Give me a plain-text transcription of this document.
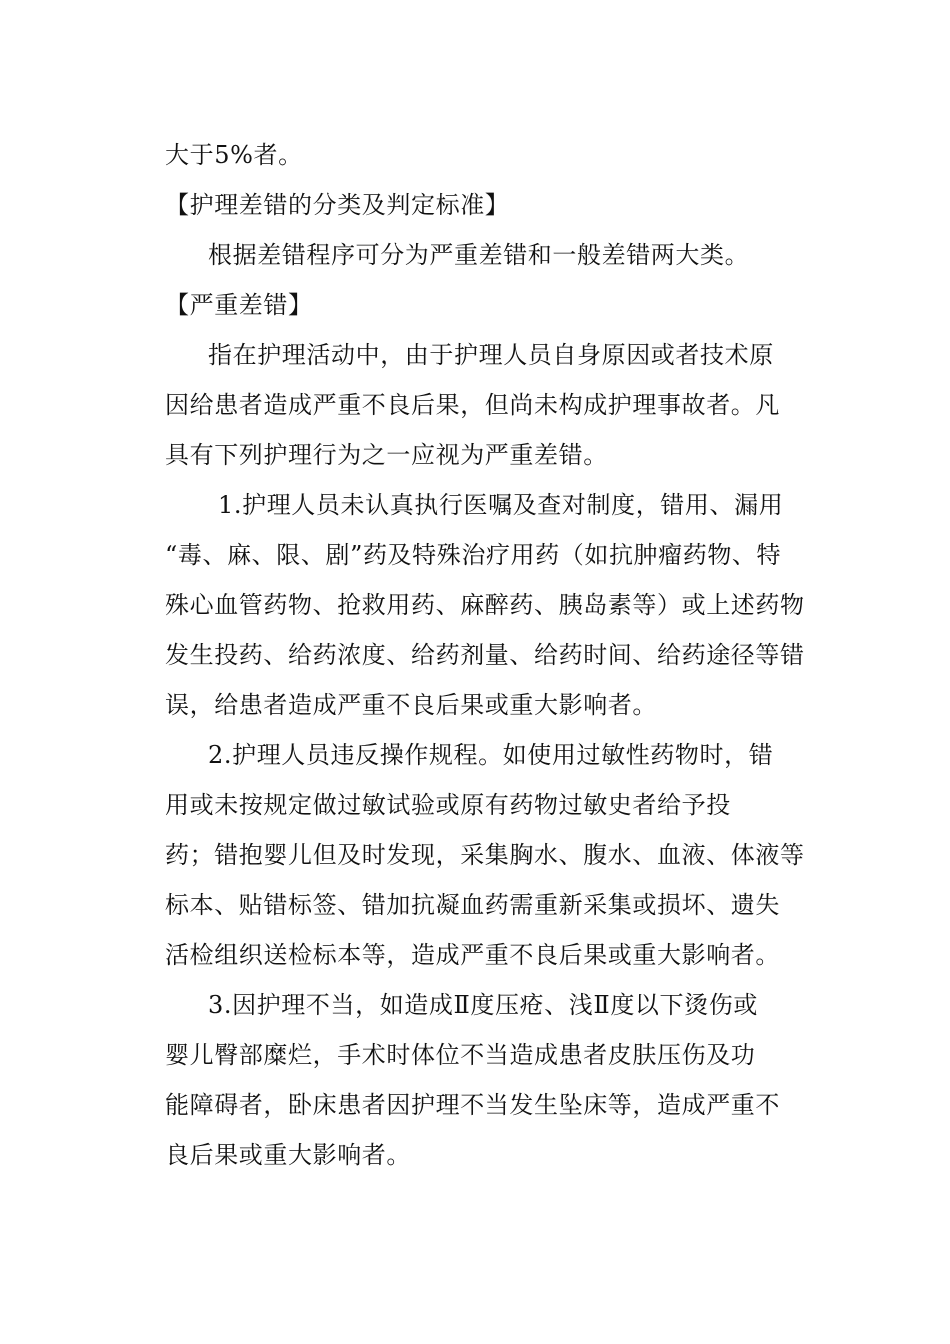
大于5%者。
【护理差错的分类及判定标准】
根据差错程序可分为严重差错和一般差错两大类。
【严重差错】
指在护理活动中，由于护理人员自身原因或者技术原
因给患者造成严重不良后果，但尚未构成护理事故者。凡
具有下列护理行为之一应视为严重差错。
1.护理人员未认真执行医嘱及查对制度，错用、漏用
“毒、麻、限、剧”药及特殊治疗用药（如抗肿瘤药物、特
殊心血管药物、抢救用药、麻醉药、胰岛素等）或上述药物
发生投药、给药浓度、给药剂量、给药时间、给药途径等错
误，给患者造成严重不良后果或重大影响者。
2.护理人员违反操作规程。如使用过敏性药物时，错
用或未按规定做过敏试验或原有药物过敏史者给予投
药；错抱婴儿但及时发现，采集胸水、腹水、血液、体液等
标本、贴错标签、错加抗凝血药需重新采集或损坏、遗失
活检组织送检标本等，造成严重不良后果或重大影响者。
3.因护理不当，如造成Ⅱ度压疮、浅Ⅱ度以下烫伤或
婴儿臀部糜烂，手术时体位不当造成患者皮肤压伤及功
能障碍者，卧床患者因护理不当发生坠床等，造成严重不
良后果或重大影响者。
